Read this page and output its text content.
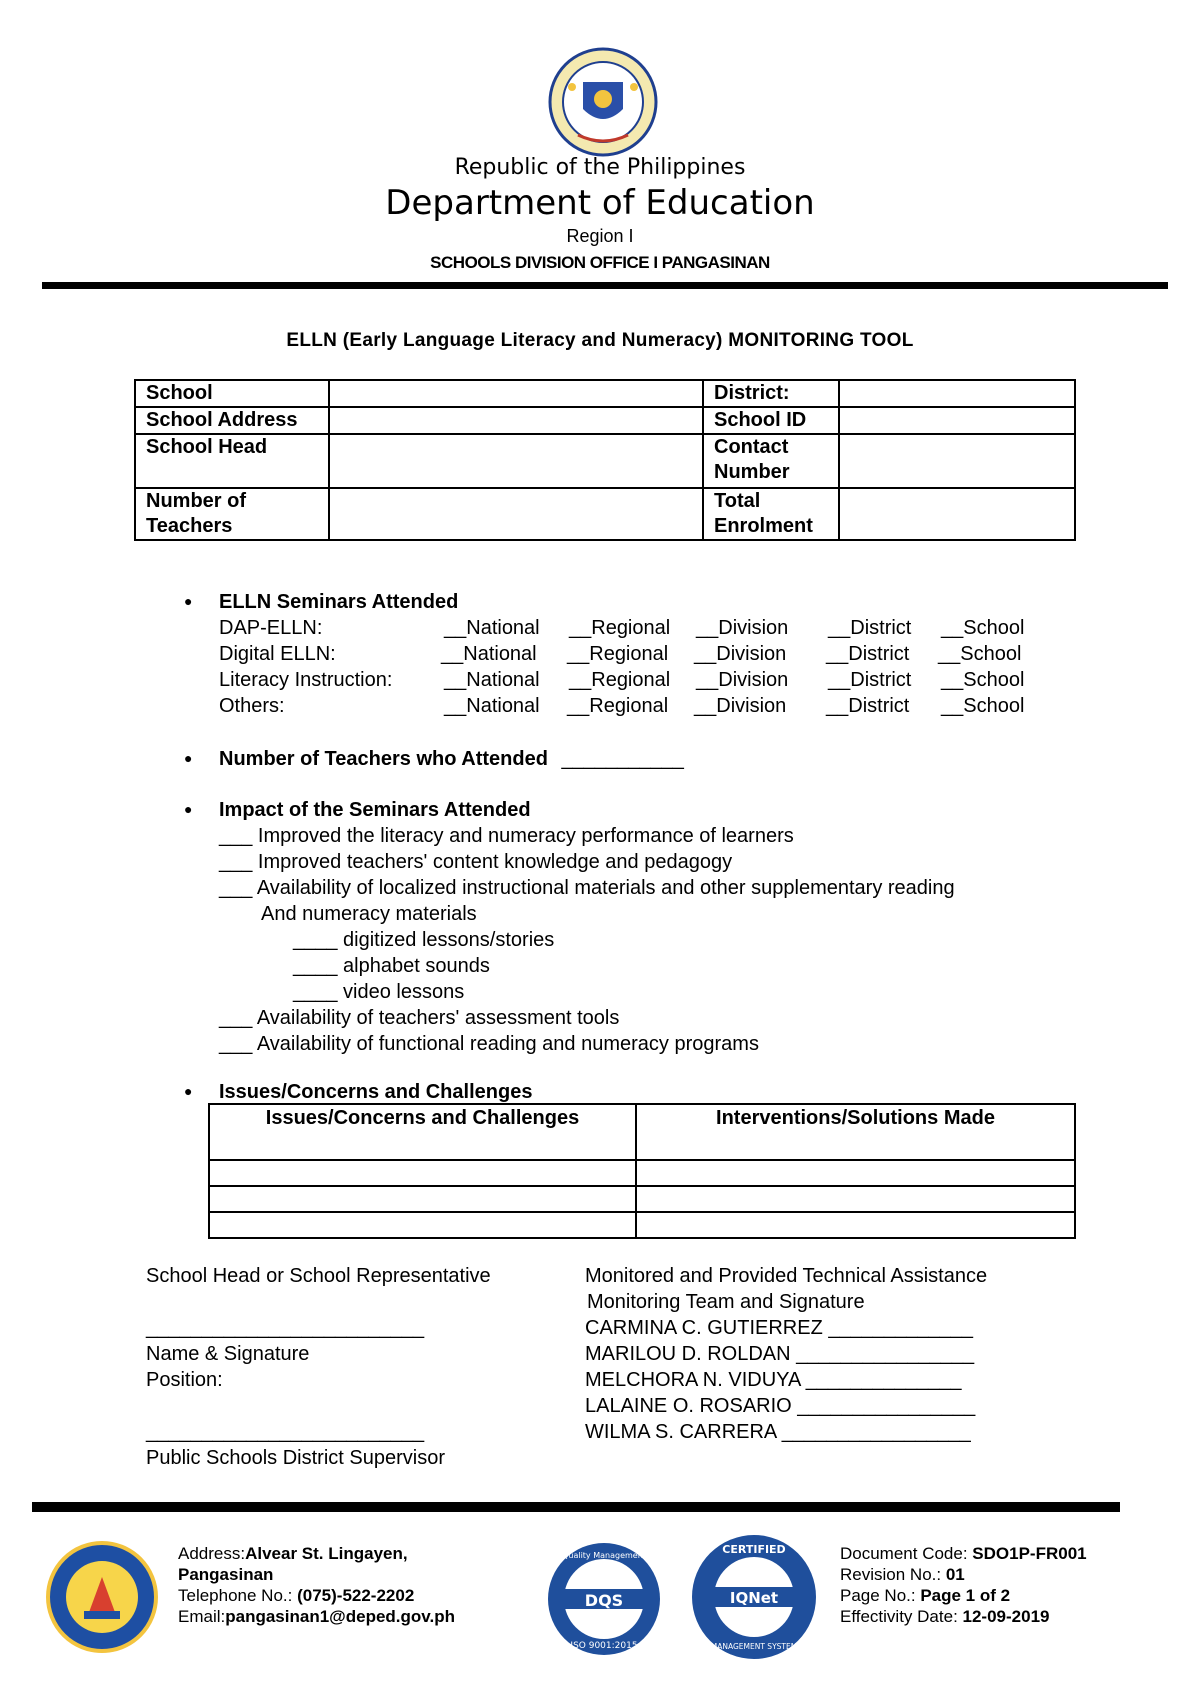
Republic of the Philippines
Department of Education
Region I
SCHOOLS DIVISION OFFICE I PANGASINAN
ELLN (Early Language Literacy and Numeracy) MONITORING TOOL
School		District:	
School Address		School ID	
School Head		Contact Number	
Number of Teachers		Total Enrolment	
● ELLN Seminars Attended
DAP-ELLN:	__National __Regional __Division __District __School
Digital ELLN:	__National __Regional __Division __District __School
Literacy Instruction:	__National __Regional __Division __District __School
Others:	__National __Regional __Division __District __School
● Number of Teachers who Attended ___________
● Impact of the Seminars Attended
___ Improved the literacy and numeracy performance of learners
___ Improved teachers' content knowledge and pedagogy
___ Availability of localized instructional materials and other supplementary reading
And numeracy materials
____ digitized lessons/stories
____ alphabet sounds
____ video lessons
___ Availability of teachers' assessment tools
___ Availability of functional reading and numeracy programs
● Issues/Concerns and Challenges
Issues/Concerns and Challenges	Interventions/Solutions Made

School Head or School Representative
_________________________
Name & Signature
Position:
_________________________
Public Schools District Supervisor
Monitored and Provided Technical Assistance
Monitoring Team and Signature
CARMINA C. GUTIERREZ _____________
MARILOU D. ROLDAN ________________
MELCHORA N. VIDUYA ______________
LALAINE O. ROSARIO ________________
WILMA S. CARRERA _________________
Address:Alvear St. Lingayen, Pangasinan
Telephone No.: (075)-522-2202
Email:pangasinan1@deped.gov.ph
DQS
Quality Management
ISO 9001:2015
IQNet
CERTIFIED
MANAGEMENT SYSTEM
Document Code: SDO1P-FR001
Revision No.: 01
Page No.: Page 1 of 2
Effectivity Date: 12-09-2019
